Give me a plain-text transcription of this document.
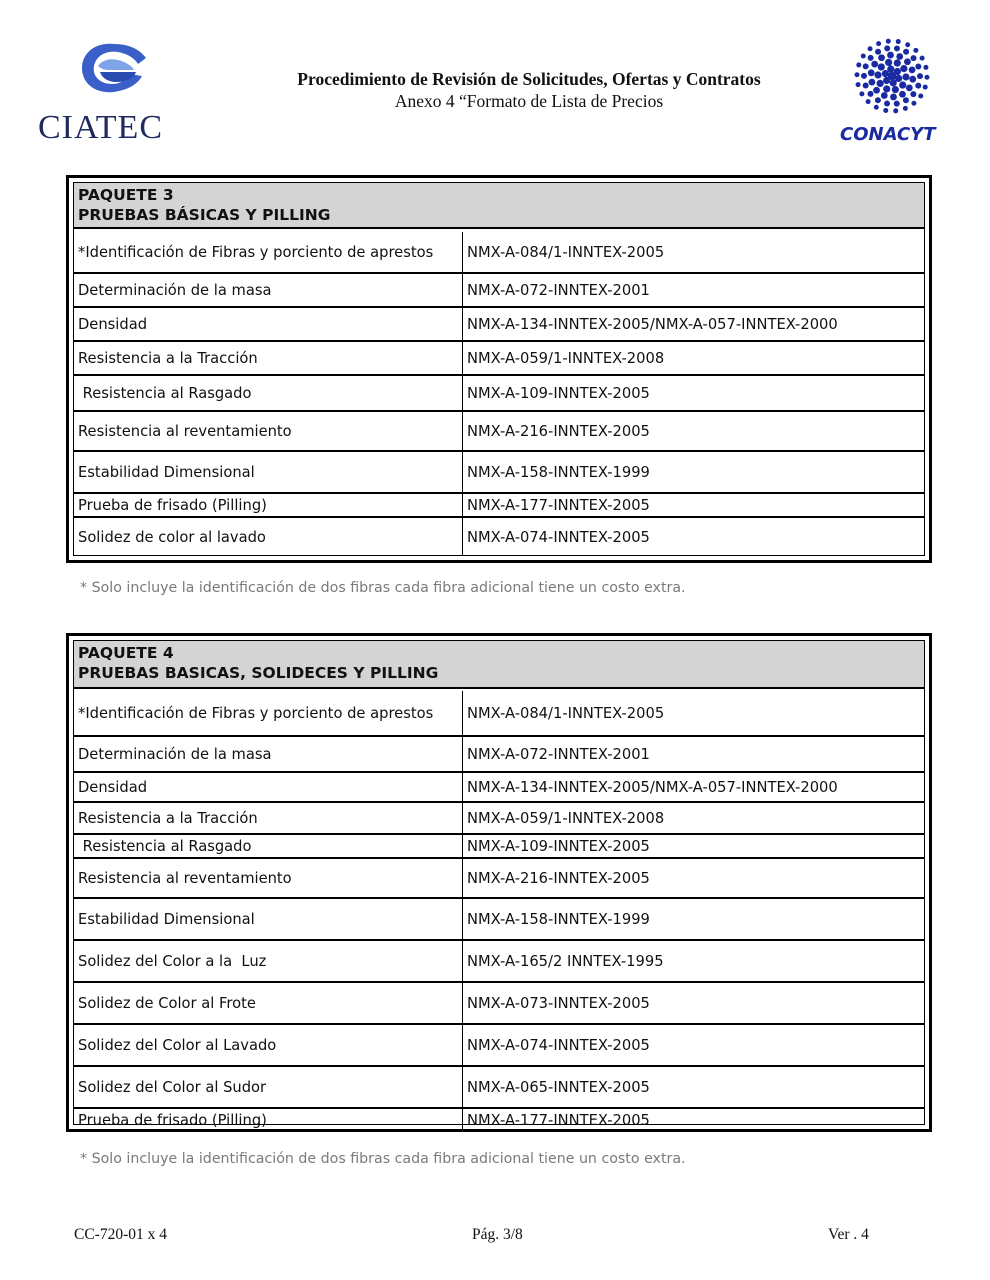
CIATEC
Procedimiento de Revisión de Solicitudes, Ofertas y Contratos
Anexo 4 “Formato de Lista de Precios
CONACYT
PAQUETE 3
PRUEBAS BÁSICAS Y PILLING
*Identificación de Fibras y porciento de aprestos	NMX-A-084/1-INNTEX-2005
Determinación de la masa	NMX-A-072-INNTEX-2001
Densidad	NMX-A-134-INNTEX-2005/NMX-A-057-INNTEX-2000
Resistencia a la Tracción	NMX-A-059/1-INNTEX-2008
Resistencia al Rasgado	NMX-A-109-INNTEX-2005
Resistencia al reventamiento	NMX-A-216-INNTEX-2005
Estabilidad Dimensional	NMX-A-158-INNTEX-1999
Prueba de frisado (Pilling)	NMX-A-177-INNTEX-2005
Solidez de color al lavado	NMX-A-074-INNTEX-2005
* Solo incluye la identificación de dos fibras cada fibra adicional tiene un costo extra.
PAQUETE 4
PRUEBAS BASICAS, SOLIDECES Y PILLING
*Identificación de Fibras y porciento de aprestos	NMX-A-084/1-INNTEX-2005
Determinación de la masa	NMX-A-072-INNTEX-2001
Densidad	NMX-A-134-INNTEX-2005/NMX-A-057-INNTEX-2000
Resistencia a la Tracción	NMX-A-059/1-INNTEX-2008
Resistencia al Rasgado	NMX-A-109-INNTEX-2005
Resistencia al reventamiento	NMX-A-216-INNTEX-2005
Estabilidad Dimensional	NMX-A-158-INNTEX-1999
Solidez del Color a la  Luz	NMX-A-165/2 INNTEX-1995
Solidez de Color al Frote	NMX-A-073-INNTEX-2005
Solidez del Color al Lavado	NMX-A-074-INNTEX-2005
Solidez del Color al Sudor	NMX-A-065-INNTEX-2005
Prueba de frisado (Pilling)	NMX-A-177-INNTEX-2005
* Solo incluye la identificación de dos fibras cada fibra adicional tiene un costo extra.
CC-720-01 x 4	Pág. 3/8	Ver . 4
